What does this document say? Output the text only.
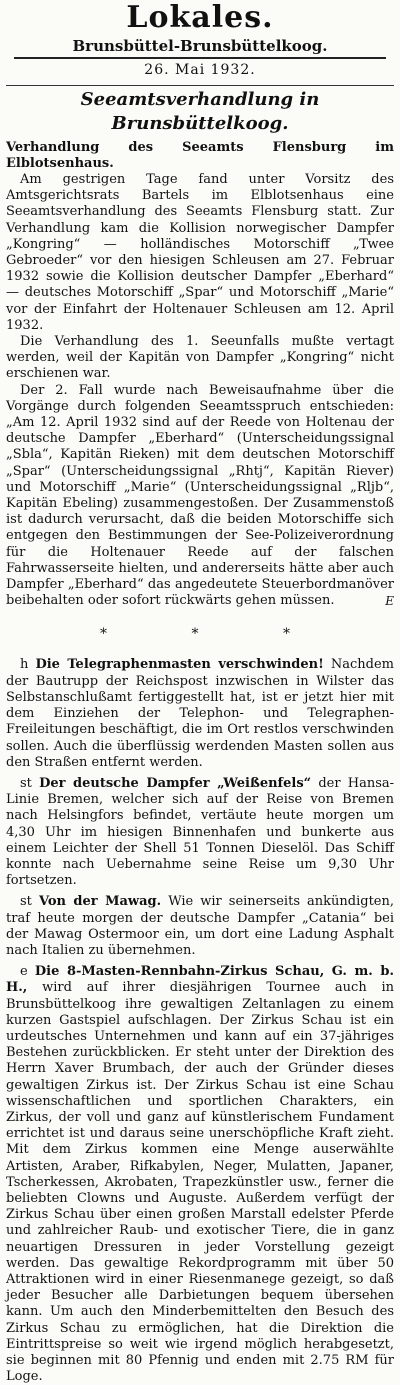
Lokales.
Brunsbüttel-Brunsbüttelkoog.
26. Mai 1932.
Seeamtsverhandlung in Brunsbüttelkoog.
Verhandlung des Seeamts Flensburg im Elblotsenhaus.

Am gestrigen Tage fand unter Vorsitz des Amtsgerichtsrats Bartels im Elblotsenhaus eine Seeamtsverhandlung des Seeamts Flensburg statt. Zur Verhandlung kam die Kollision norwegischer Dampfer „Kongring“ — holländisches Motorschiff „Twee Gebroeder“ vor den hiesigen Schleusen am 27. Februar 1932 sowie die Kollision deutscher Dampfer „Eberhard“ — deutsches Motorschiff „Spar“ und Motorschiff „Marie“ vor der Einfahrt der Holtenauer Schleusen am 12. April 1932.

Die Verhandlung des 1. Seeunfalls mußte vertagt werden, weil der Kapitän von Dampfer „Kongring“ nicht erschienen war.

Der 2. Fall wurde nach Beweisaufnahme über die Vorgänge durch folgenden Seeamtsspruch entschieden: „Am 12. April 1932 sind auf der Reede von Holtenau der deutsche Dampfer „Eberhard“ (Unterscheidungssignal „Sbla“, Kapitän Rieken) mit dem deutschen Motorschiff „Spar“ (Unterscheidungssignal „Rhtj“, Kapitän Riever) und Motorschiff „Marie“ (Unterscheidungssignal „Rljb“, Kapitän Ebeling) zusammengestoßen. Der Zusammenstoß ist dadurch verursacht, daß die beiden Motorschiffe sich entgegen den Bestimmungen der See-Polizeiverordnung für die Holtenauer Reede auf der falschen Fahrwasserseite hielten, und andererseits hätte aber auch Dampfer „Eberhard“ das angedeutete Steuerbordmanöver beibehalten oder sofort rückwärts gehen müssen.	E

* * *

h Die Telegraphenmasten verschwinden! Nachdem der Bautrupp der Reichspost inzwischen in Wilster das Selbstanschlußamt fertiggestellt hat, ist er jetzt hier mit dem Einziehen der Telephon- und Telegraphen-Freileitungen beschäftigt, die im Ort restlos verschwinden sollen. Auch die überflüssig werdenden Masten sollen aus den Straßen entfernt werden.

st Der deutsche Dampfer „Weißenfels“ der Hansa-Linie Bremen, welcher sich auf der Reise von Bremen nach Helsingfors befindet, vertäute heute morgen um 4,30 Uhr im hiesigen Binnenhafen und bunkerte aus einem Leichter der Shell 51 Tonnen Dieselöl. Das Schiff konnte nach Uebernahme seine Reise um 9,30 Uhr fortsetzen.

st Von der Mawag. Wie wir seinerseits ankündigten, traf heute morgen der deutsche Dampfer „Catania“ bei der Mawag Ostermoor ein, um dort eine Ladung Asphalt nach Italien zu übernehmen.

e Die 8-Masten-Rennbahn-Zirkus Schau, G. m. b. H., wird auf ihrer diesjährigen Tournee auch in Brunsbüttelkoog ihre gewaltigen Zeltanlagen zu einem kurzen Gastspiel aufschlagen. Der Zirkus Schau ist ein urdeutsches Unternehmen und kann auf ein 37-jähriges Bestehen zurückblicken. Er steht unter der Direktion des Herrn Xaver Brumbach, der auch der Gründer dieses gewaltigen Zirkus ist. Der Zirkus Schau ist eine Schau wissenschaftlichen und sportlichen Charakters, ein Zirkus, der voll und ganz auf künstlerischem Fundament errichtet ist und daraus seine unerschöpfliche Kraft zieht. Mit dem Zirkus kommen eine Menge auserwählte Artisten, Araber, Rifkabylen, Neger, Mulatten, Japaner, Tscherkessen, Akrobaten, Trapezkünstler usw., ferner die beliebten Clowns und Auguste. Außerdem verfügt der Zirkus Schau über einen großen Marstall edelster Pferde und zahlreicher Raub- und exotischer Tiere, die in ganz neuartigen Dressuren in jeder Vorstellung gezeigt werden. Das gewaltige Rekordprogramm mit über 50 Attraktionen wird in einer Riesenmanege gezeigt, so daß jeder Besucher alle Darbietungen bequem übersehen kann. Um auch den Minderbemittelten den Besuch des Zirkus Schau zu ermöglichen, hat die Direktion die Eintrittspreise so weit wie irgend möglich herabgesetzt, sie beginnen mit 80 Pfennig und enden mit 2.75 RM für Loge.
